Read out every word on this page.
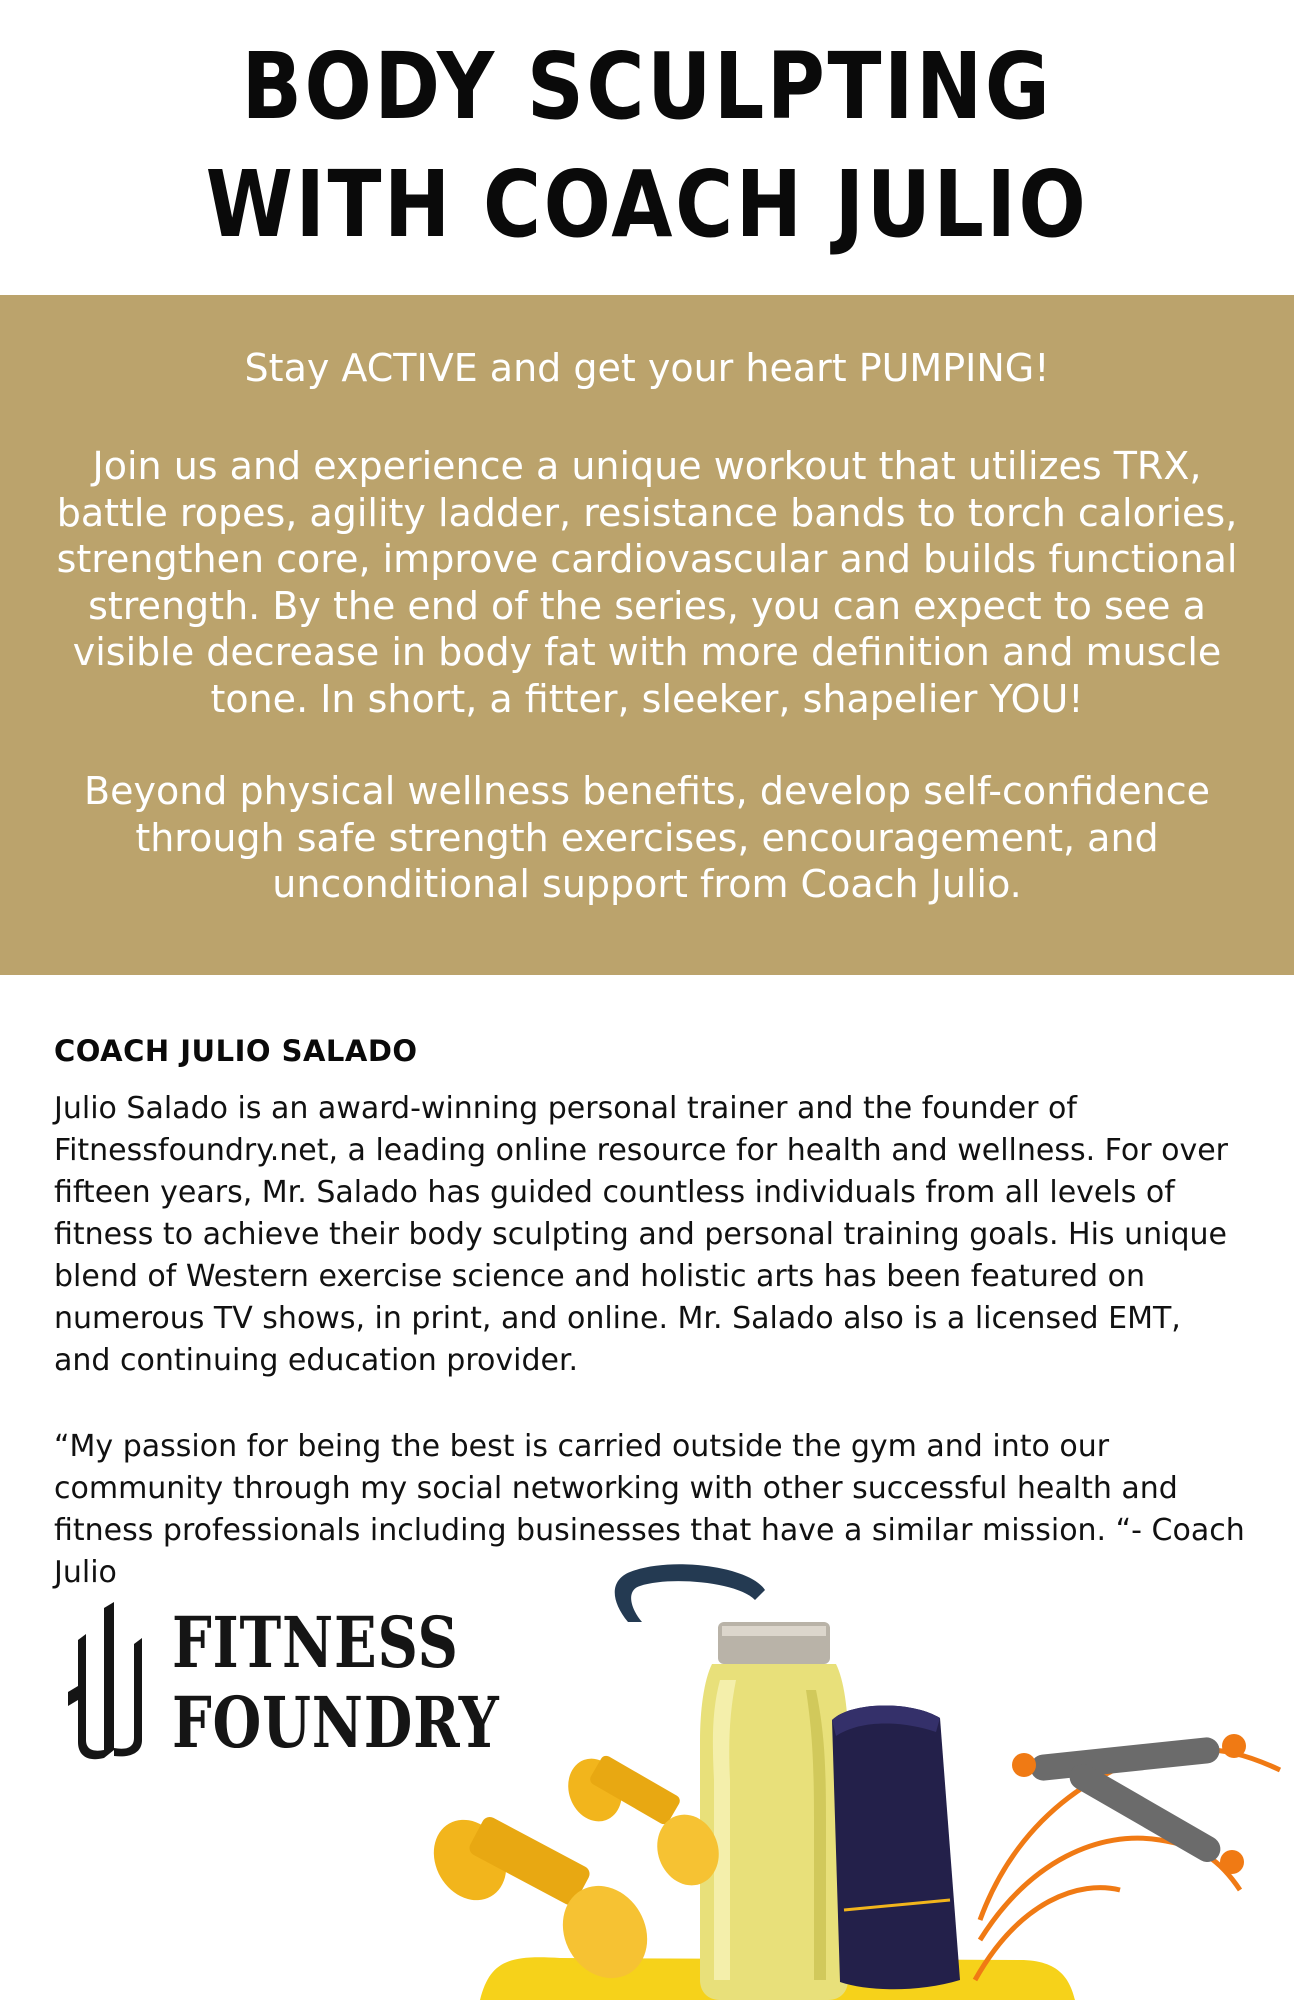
BODY SCULPTING
WITH COACH JULIO
Stay ACTIVE and get your heart PUMPING!
Join us and experience a unique workout that utilizes TRX,
battle ropes, agility ladder, resistance bands to torch calories,
strengthen core, improve cardiovascular and builds functional
strength. By the end of the series, you can expect to see a
visible decrease in body fat with more definition and muscle
tone. In short, a fitter, sleeker, shapelier YOU!
Beyond physical wellness benefits, develop self-confidence
through safe strength exercises, encouragement, and
unconditional support from Coach Julio.
COACH JULIO SALADO
Julio Salado is an award-winning personal trainer and the founder of
Fitnessfoundry.net, a leading online resource for health and wellness. For over
fifteen years, Mr. Salado has guided countless individuals from all levels of
fitness to achieve their body sculpting and personal training goals. His unique
blend of Western exercise science and holistic arts has been featured on
numerous TV shows, in print, and online. Mr. Salado also is a licensed EMT,
and continuing education provider.
“My passion for being the best is carried outside the gym and into our
community through my social networking with other successful health and
fitness professionals including businesses that have a similar mission. “- Coach
Julio
FITNESS
FOUNDRY
